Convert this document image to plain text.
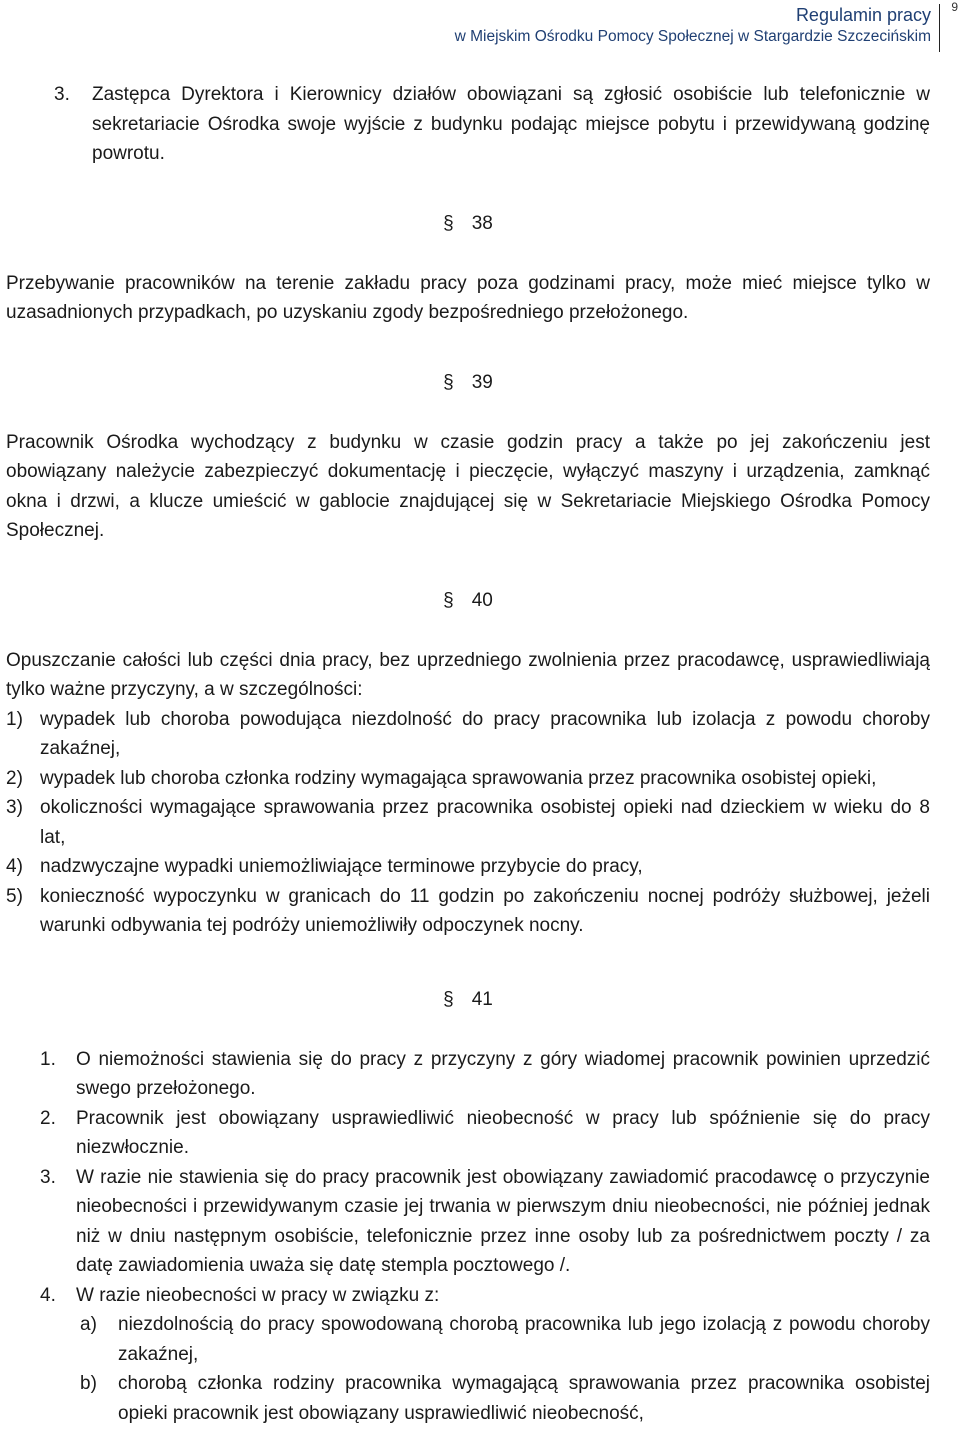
Regulamin pracy
w Miejskim Ośrodku Pomocy Społecznej w Stargardzie Szczecińskim
9
3.	Zastępca Dyrektora i Kierownicy działów obowiązani są zgłosić osobiście lub telefonicznie w sekretariacie Ośrodka swoje wyjście z budynku podając miejsce pobytu i przewidywaną godzinę powrotu.

§ 38

Przebywanie pracowników na terenie zakładu pracy poza godzinami pracy, może mieć miejsce tylko w uzasadnionych przypadkach, po uzyskaniu zgody bezpośredniego przełożonego.

§ 39

Pracownik Ośrodka wychodzący z budynku w czasie godzin pracy a także po jej zakończeniu jest obowiązany należycie zabezpieczyć dokumentację i pieczęcie, wyłączyć maszyny i urządzenia, zamknąć okna i drzwi, a klucze umieścić w gablocie znajdującej się w Sekretariacie Miejskiego Ośrodka Pomocy Społecznej.

§ 40

Opuszczanie całości lub części dnia pracy, bez uprzedniego zwolnienia przez pracodawcę, usprawiedliwiają tylko ważne przyczyny, a w szczególności:

1) wypadek lub choroba powodująca niezdolność do pracy pracownika lub izolacja z powodu choroby zakaźnej,
2) wypadek lub choroba członka rodziny wymagająca sprawowania przez pracownika osobistej opieki,
3) okoliczności wymagające sprawowania przez pracownika osobistej opieki nad dzieckiem w wieku do 8 lat,
4) nadzwyczajne wypadki uniemożliwiające terminowe przybycie do pracy,
5) konieczność wypoczynku w granicach do 11 godzin po zakończeniu nocnej podróży służbowej, jeżeli warunki odbywania tej podróży uniemożliwiły odpoczynek nocny.

§ 41

1.	O niemożności stawienia się do pracy z przyczyny z góry wiadomej pracownik powinien uprzedzić swego przełożonego.
2.	Pracownik jest obowiązany usprawiedliwić nieobecność w pracy lub spóźnienie się do pracy niezwłocznie.
3.	W razie nie stawienia się do pracy pracownik jest obowiązany zawiadomić pracodawcę o przyczynie nieobecności i przewidywanym czasie jej trwania w pierwszym dniu nieobecności, nie później jednak niż w dniu następnym osobiście, telefonicznie przez inne osoby lub za pośrednictwem poczty / za datę zawiadomienia uważa się datę stempla pocztowego /.
4.	W razie nieobecności w pracy w związku z:
a)	niezdolnością do pracy spowodowaną chorobą pracownika lub jego izolacją z powodu choroby zakaźnej,
b)	chorobą członka rodziny pracownika wymagającą sprawowania przez pracownika osobistej opieki pracownik jest obowiązany usprawiedliwić nieobecność,
